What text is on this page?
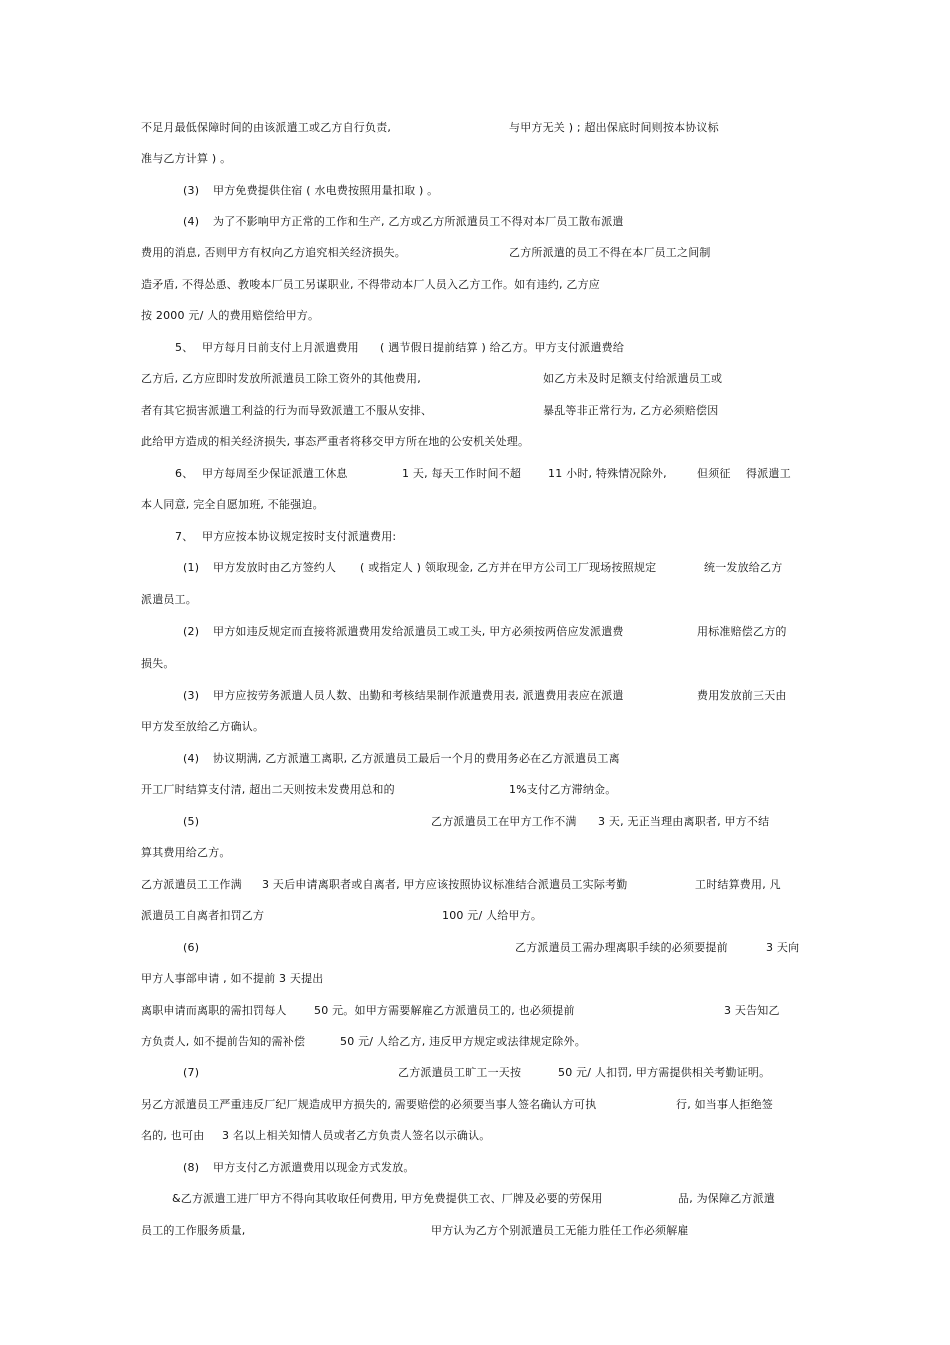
不足月最低保障时间的由该派遣工或乙方自行负责,	与甲方无关 ) ; 超出保底时间则按本协议标
准与乙方计算 ) 。
(3) 甲方免费提供住宿 ( 水电费按照用量扣取 ) 。
(4) 为了不影响甲方正常的工作和生产, 乙方或乙方所派遣员工不得对本厂员工散布派遣
费用的消息, 否则甲方有权向乙方追究相关经济损失。	乙方所派遣的员工不得在本厂员工之间制
造矛盾, 不得怂恿、教唆本厂员工另谋职业, 不得带动本厂人员入乙方工作。如有违约, 乙方应
按 2000 元/ 人的费用赔偿给甲方。
5、 甲方每月日前支付上月派遣费用 ( 遇节假日提前结算 ) 给乙方。甲方支付派遣费给
乙方后, 乙方应即时发放所派遣员工除工资外的其他费用,	如乙方未及时足额支付给派遣员工或
者有其它损害派遣工利益的行为而导致派遣工不服从安排、	暴乱等非正常行为, 乙方必须赔偿因
此给甲方造成的相关经济损失, 事态严重者将移交甲方所在地的公安机关处理。
6、 甲方每周至少保证派遣工休息	1 天, 每天工作时间不超 11 小时, 特殊情况除外,	但须征 得派遣工
本人同意, 完全自愿加班, 不能强迫。
7、 甲方应按本协议规定按时支付派遣费用:
(1) 甲方发放时由乙方签约人 ( 或指定人 ) 领取现金, 乙方并在甲方公司工厂现场按照规定	统一发放给乙方
派遣员工。
(2) 甲方如违反规定而直接将派遣费用发给派遣员工或工头, 甲方必须按两倍应发派遣费	用标准赔偿乙方的
损失。
(3) 甲方应按劳务派遣人员人数、出勤和考核结果制作派遣费用表, 派遣费用表应在派遣	费用发放前三天由
甲方发至放给乙方确认。
(4) 协议期满, 乙方派遣工离职, 乙方派遣员工最后一个月的费用务必在乙方派遣员工离
开工厂时结算支付清, 超出二天则按未发费用总和的	1%支付乙方滞纳金。
(5)	乙方派遣员工在甲方工作不满 3 天, 无正当理由离职者, 甲方不结
算其费用给乙方。
乙方派遣员工工作满 3 天后申请离职者或自离者, 甲方应该按照协议标准结合派遣员工实际考勤	工时结算费用, 凡
派遣员工自离者扣罚乙方	100 元/ 人给甲方。
(6)	乙方派遣员工需办理离职手续的必须要提前	3 天向
甲方人事部申请 , 如不提前 3 天提出
离职申请而离职的需扣罚每人 50 元。如甲方需要解雇乙方派遣员工的, 也必须提前	3 天告知乙
方负责人, 如不提前告知的需补偿	50 元/ 人给乙方, 违反甲方规定或法律规定除外。
(7)	乙方派遣员工旷工一天按	50 元/ 人扣罚, 甲方需提供相关考勤证明。
另乙方派遣员工严重违反厂纪厂规造成甲方损失的, 需要赔偿的必须要当事人签名确认方可执	行, 如当事人拒绝签
名的, 也可由 3 名以上相关知情人员或者乙方负责人签名以示确认。
(8) 甲方支付乙方派遣费用以现金方式发放。
&乙方派遣工进厂甲方不得向其收取任何费用, 甲方免费提供工衣、厂牌及必要的劳保用	品, 为保障乙方派遣
员工的工作服务质量,	甲方认为乙方个别派遣员工无能力胜任工作必须解雇
